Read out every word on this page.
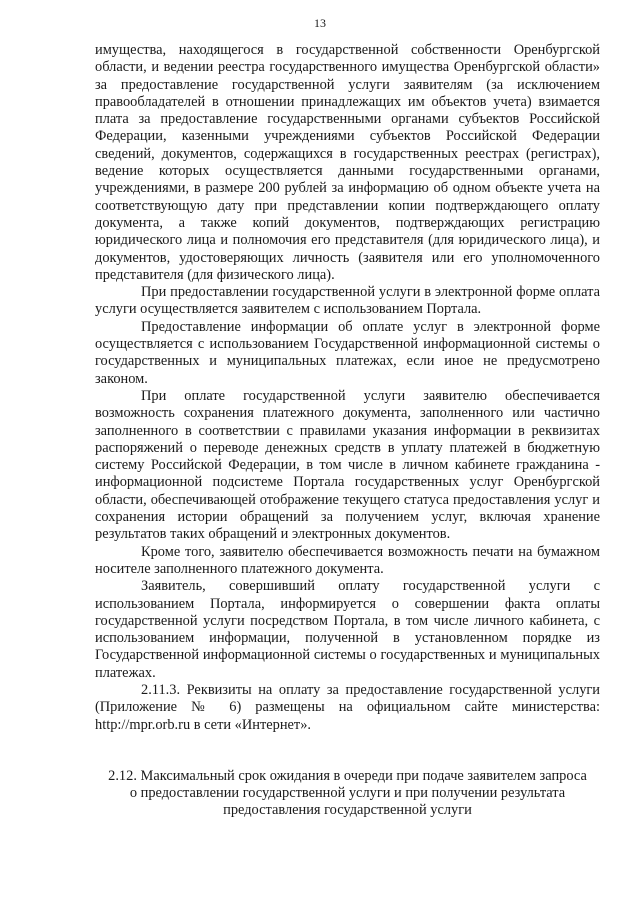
13

имущества, находящегося в государственной собственности Оренбургской области, и ведении реестра государственного имущества Оренбургской области» за предоставление государственной услуги заявителям (за исключением правообладателей в отношении принадлежащих им объектов учета) взимается плата за предоставление государственными органами субъектов Российской Федерации, казенными учреждениями субъектов Российской Федерации сведений, документов, содержащихся в государственных реестрах (регистрах), ведение которых осуществляется данными государственными органами, учреждениями, в размере 200 рублей за информацию об одном объекте учета на соответствующую дату при представлении копии подтверждающего оплату документа, а также копий документов, подтверждающих регистрацию юридического лица и полномочия его представителя (для юридического лица), и документов, удостоверяющих личность (заявителя или его уполномоченного представителя (для физического лица).

При предоставлении государственной услуги в электронной форме оплата услуги осуществляется заявителем с использованием Портала.

Предоставление информации об оплате услуг в электронной форме осуществляется с использованием Государственной информационной системы о государственных и муниципальных платежах, если иное не предусмотрено законом.

При оплате государственной услуги заявителю обеспечивается возможность сохранения платежного документа, заполненного или частично заполненного в соответствии с правилами указания информации в реквизитах распоряжений о переводе денежных средств в уплату платежей в бюджетную систему Российской Федерации, в том числе в личном кабинете гражданина - информационной подсистеме Портала государственных услуг Оренбургской области, обеспечивающей отображение текущего статуса предоставления услуг и сохранения истории обращений за получением услуг, включая хранение результатов таких обращений и электронных документов.

Кроме того, заявителю обеспечивается возможность печати на бумажном носителе заполненного платежного документа.

Заявитель, совершивший оплату государственной услуги с использованием Портала, информируется о совершении факта оплаты государственной услуги посредством Портала, в том числе личного кабинета, с использованием информации, полученной в установленном порядке из Государственной информационной системы о государственных и муниципальных платежах.

2.11.3. Реквизиты на оплату за предоставление государственной услуги (Приложение № 6) размещены на официальном сайте министерства: http://mpr.orb.ru в сети «Интернет».

2.12. Максимальный срок ожидания в очереди при подаче заявителем запроса о предоставлении государственной услуги и при получении результата предоставления государственной услуги
